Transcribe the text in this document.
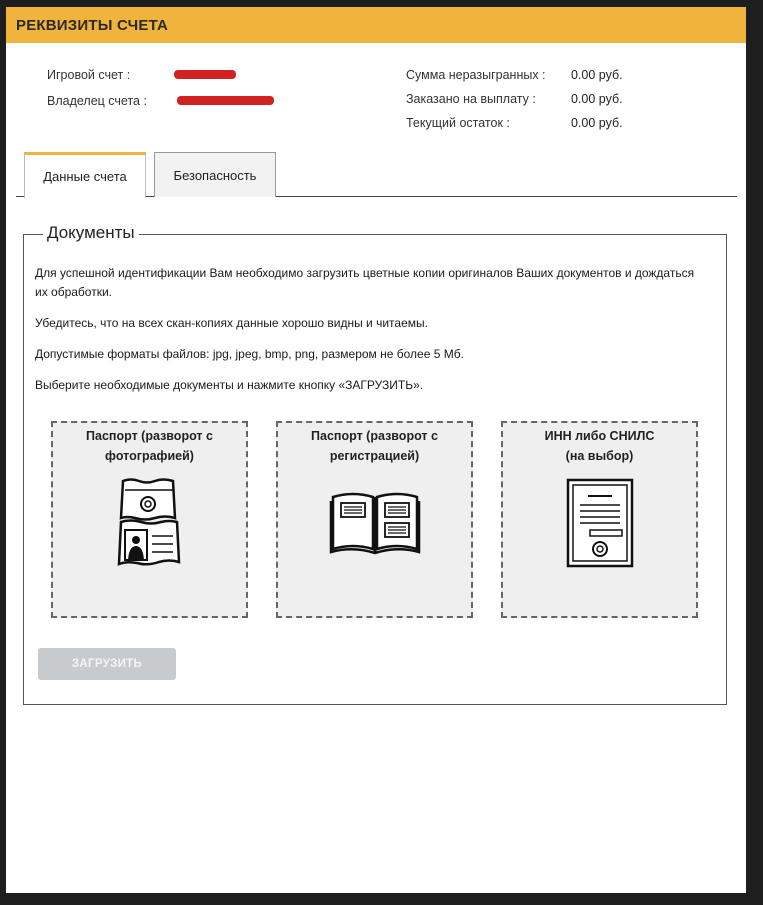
РЕКВИЗИТЫ СЧЕТА
Игровой счет :
Владелец счета :
Сумма неразыгранных : 0.00 руб.
Заказано на выплату :	0.00 руб.
Текущий остаток :	0.00 руб.
Данные счета	Безопасность
Документы
Для успешной идентификации Вам необходимо загрузить цветные копии оригиналов Ваших документов и дождаться их обработки.
Убедитесь, что на всех скан-копиях данные хорошо видны и читаемы.
Допустимые форматы файлов: jpg, jpeg, bmp, png, размером не более 5 Мб.
Выберите необходимые документы и нажмите кнопку «ЗАГРУЗИТЬ».
Паспорт (разворот с
фотографией)
Паспорт (разворот с
регистрацией)
ИНН либо СНИЛС
(на выбор)
ЗАГРУЗИТЬ
